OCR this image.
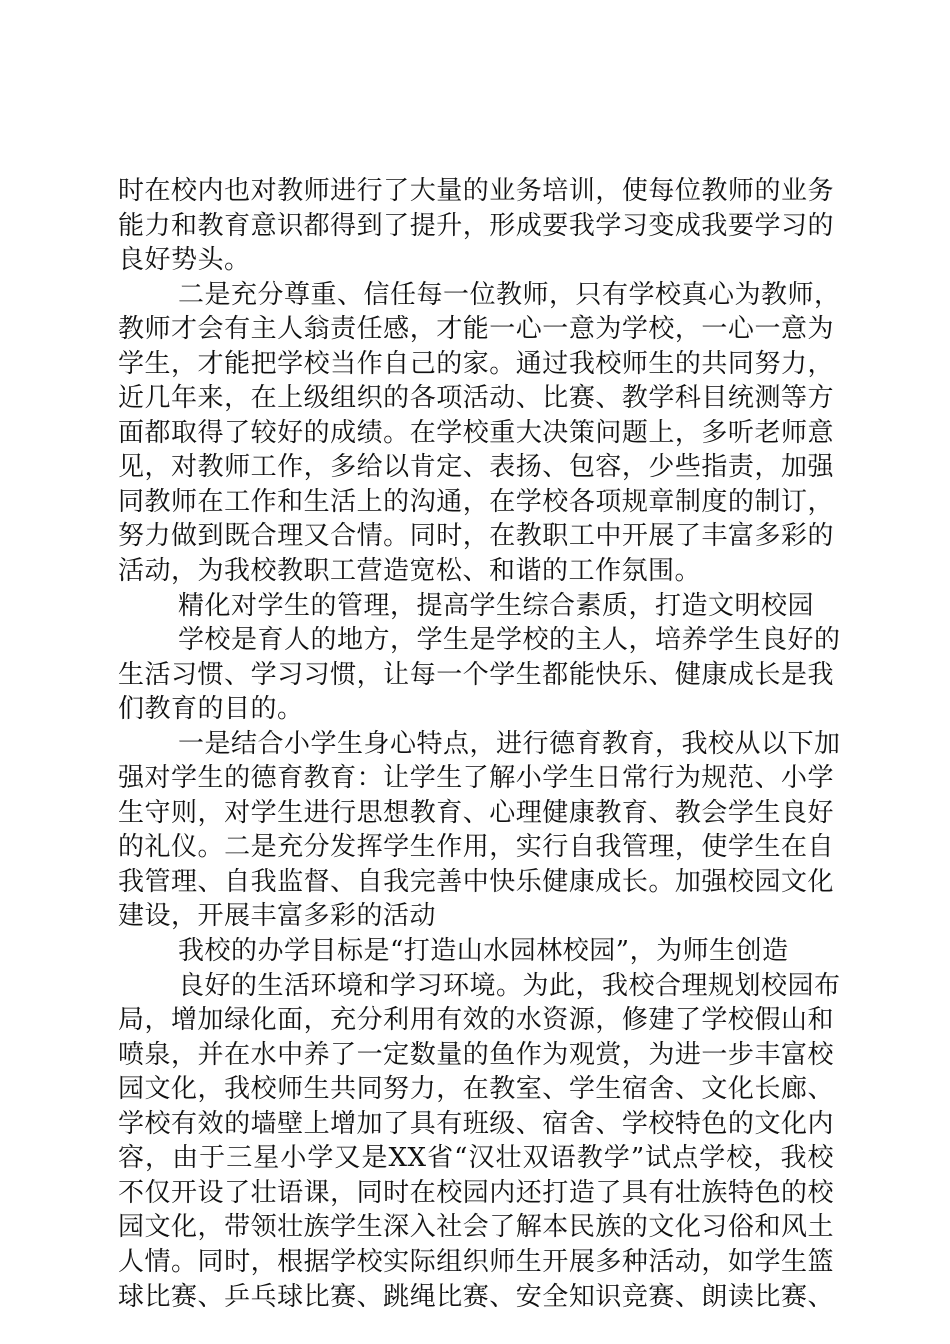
时在校内也对教师进行了大量的业务培训，使每位教师的业务
能力和教育意识都得到了提升，形成要我学习变成我要学习的
良好势头。
二是充分尊重、信任每一位教师，只有学校真心为教师，
教师才会有主人翁责任感，才能一心一意为学校，一心一意为
学生，才能把学校当作自己的家。通过我校师生的共同努力，
近几年来，在上级组织的各项活动、比赛、教学科目统测等方
面都取得了较好的成绩。在学校重大决策问题上，多听老师意
见，对教师工作，多给以肯定、表扬、包容，少些指责，加强
同教师在工作和生活上的沟通，在学校各项规章制度的制订，
努力做到既合理又合情。同时，在教职工中开展了丰富多彩的
活动，为我校教职工营造宽松、和谐的工作氛围。
精化对学生的管理，提高学生综合素质，打造文明校园
学校是育人的地方，学生是学校的主人，培养学生良好的
生活习惯、学习习惯，让每一个学生都能快乐、健康成长是我
们教育的目的。
一是结合小学生身心特点，进行德育教育，我校从以下加
强对学生的德育教育：让学生了解小学生日常行为规范、小学
生守则，对学生进行思想教育、心理健康教育、教会学生良好
的礼仪。二是充分发挥学生作用，实行自我管理，使学生在自
我管理、自我监督、自我完善中快乐健康成长。加强校园文化
建设，开展丰富多彩的活动
我校的办学目标是“打造山水园林校园”，为师生创造
良好的生活环境和学习环境。为此，我校合理规划校园布
局，增加绿化面，充分利用有效的水资源，修建了学校假山和
喷泉，并在水中养了一定数量的鱼作为观赏，为进一步丰富校
园文化，我校师生共同努力，在教室、学生宿舍、文化长廊、
学校有效的墙壁上增加了具有班级、宿舍、学校特色的文化内
容，由于三星小学又是XX省“汉壮双语教学”试点学校，我校
不仅开设了壮语课，同时在校园内还打造了具有壮族特色的校
园文化，带领壮族学生深入社会了解本民族的文化习俗和风土
人情。同时，根据学校实际组织师生开展多种活动，如学生篮
球比赛、乒乓球比赛、跳绳比赛、安全知识竞赛、朗读比赛、
